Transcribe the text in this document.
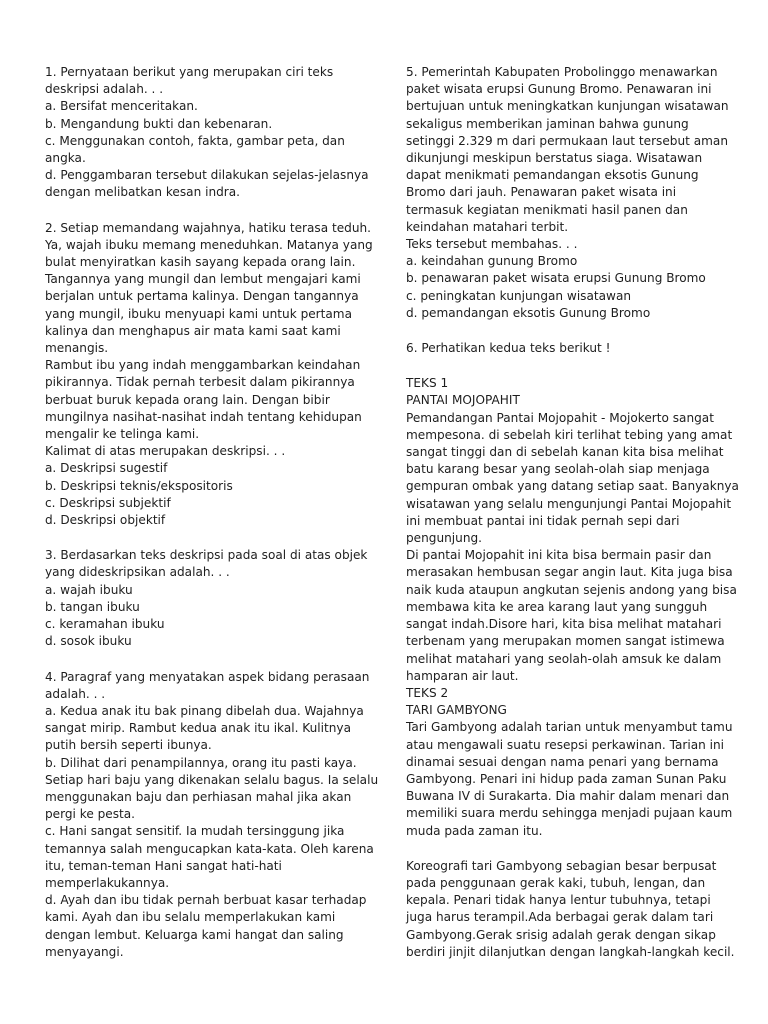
1. Pernyataan berikut yang merupakan ciri teks
deskripsi adalah. . .
a. Bersifat menceritakan.
b. Mengandung bukti dan kebenaran.
c. Menggunakan contoh, fakta, gambar peta, dan
angka.
d. Penggambaran tersebut dilakukan sejelas-jelasnya
dengan melibatkan kesan indra.
2. Setiap memandang wajahnya, hatiku terasa teduh.
Ya, wajah ibuku memang meneduhkan. Matanya yang
bulat menyiratkan kasih sayang kepada orang lain.
Tangannya yang mungil dan lembut mengajari kami
berjalan untuk pertama kalinya. Dengan tangannya
yang mungil, ibuku menyuapi kami untuk pertama
kalinya dan menghapus air mata kami saat kami
menangis.
Rambut ibu yang indah menggambarkan keindahan
pikirannya. Tidak pernah terbesit dalam pikirannya
berbuat buruk kepada orang lain. Dengan bibir
mungilnya nasihat-nasihat indah tentang kehidupan
mengalir ke telinga kami.
Kalimat di atas merupakan deskripsi. . .
a. Deskripsi sugestif
b. Deskripsi teknis/ekspositoris
c. Deskripsi subjektif
d. Deskripsi objektif
3. Berdasarkan teks deskripsi pada soal di atas objek
yang dideskripsikan adalah. . .
a. wajah ibuku
b. tangan ibuku
c. keramahan ibuku
d. sosok ibuku
4. Paragraf yang menyatakan aspek bidang perasaan
adalah. . .
a. Kedua anak itu bak pinang dibelah dua. Wajahnya
sangat mirip. Rambut kedua anak itu ikal. Kulitnya
putih bersih seperti ibunya.
b. Dilihat dari penampilannya, orang itu pasti kaya.
Setiap hari baju yang dikenakan selalu bagus. Ia selalu
menggunakan baju dan perhiasan mahal jika akan
pergi ke pesta.
c. Hani sangat sensitif. Ia mudah tersinggung jika
temannya salah mengucapkan kata-kata. Oleh karena
itu, teman-teman Hani sangat hati-hati
memperlakukannya.
d. Ayah dan ibu tidak pernah berbuat kasar terhadap
kami. Ayah dan ibu selalu memperlakukan kami
dengan lembut. Keluarga kami hangat dan saling
menyayangi.
5. Pemerintah Kabupaten Probolinggo menawarkan
paket wisata erupsi Gunung Bromo. Penawaran ini
bertujuan untuk meningkatkan kunjungan wisatawan
sekaligus memberikan jaminan bahwa gunung
setinggi 2.329 m dari permukaan laut tersebut aman
dikunjungi meskipun berstatus siaga. Wisatawan
dapat menikmati pemandangan eksotis Gunung
Bromo dari jauh. Penawaran paket wisata ini
termasuk kegiatan menikmati hasil panen dan
keindahan matahari terbit.
Teks tersebut membahas. . .
a. keindahan gunung Bromo
b. penawaran paket wisata erupsi Gunung Bromo
c. peningkatan kunjungan wisatawan
d. pemandangan eksotis Gunung Bromo
6. Perhatikan kedua teks berikut !
TEKS 1
PANTAI MOJOPAHIT
Pemandangan Pantai Mojopahit - Mojokerto sangat
mempesona. di sebelah kiri terlihat tebing yang amat
sangat tinggi dan di sebelah kanan kita bisa melihat
batu karang besar yang seolah-olah siap menjaga
gempuran ombak yang datang setiap saat. Banyaknya
wisatawan yang selalu mengunjungi Pantai Mojopahit
ini membuat pantai ini tidak pernah sepi dari
pengunjung.
Di pantai Mojopahit ini kita bisa bermain pasir dan
merasakan hembusan segar angin laut. Kita juga bisa
naik kuda ataupun angkutan sejenis andong yang bisa
membawa kita ke area karang laut yang sungguh
sangat indah.Disore hari, kita bisa melihat matahari
terbenam yang merupakan momen sangat istimewa
melihat matahari yang seolah-olah amsuk ke dalam
hamparan air laut.
TEKS 2
TARI GAMBYONG
Tari Gambyong adalah tarian untuk menyambut tamu
atau mengawali suatu resepsi perkawinan. Tarian ini
dinamai sesuai dengan nama penari yang bernama
Gambyong. Penari ini hidup pada zaman Sunan Paku
Buwana IV di Surakarta. Dia mahir dalam menari dan
memiliki suara merdu sehingga menjadi pujaan kaum
muda pada zaman itu.
Koreografi tari Gambyong sebagian besar berpusat
pada penggunaan gerak kaki, tubuh, lengan, dan
kepala. Penari tidak hanya lentur tubuhnya, tetapi
juga harus terampil.Ada berbagai gerak dalam tari
Gambyong.Gerak srisig adalah gerak dengan sikap
berdiri jinjit dilanjutkan dengan langkah-langkah kecil.
